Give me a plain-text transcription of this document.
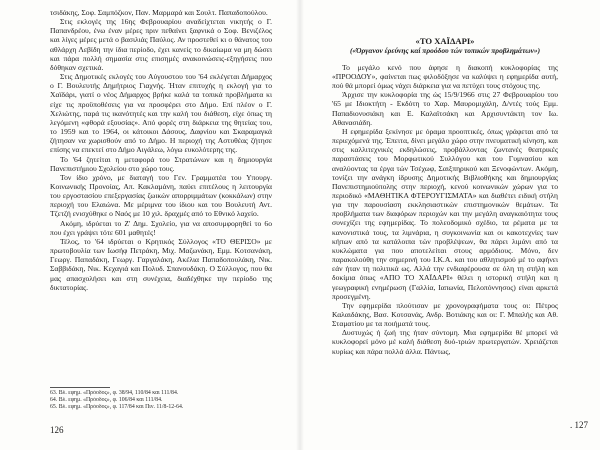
τσιδάκης, Σοφ. Σαμπόζκον, Παν. Μαρμαρά και Σουλτ. Παπαδοπούλου.

Στις εκλογές της 16ης Φεβρουαρίου αναδείχτεται νικητής ο Γ. Παπανδρέου, ένω έναν μέρες πριν πεθαίνει ξαφνικά ο Σοφ. Βενιζέλος και λίγες μέρες μετά ο βασιλιάς Παύλος. Αν προστεθεί κι ο θάνατος του αθλάρχη Λεβίδη την ίδια περίοδο, έχει κανείς το δικαίωμα να μη δώσει και πάρα πολλή σημασία στις επισημές ανακοινώσεις-εξηγήσεις που δόθηκαν σχετικά.

Στις Δημοτικές εκλογές του Αύγουστου του '64 εκλέγεται Δήμαρχος ο Γ. Βουλευτής Δημήτριος Γιαχνής. Ήταν επιτυχής η εκλογή για το Χαϊδάρι, γιατί ο νέος Δήμαρχος βρήκε καλά τα τοπικά προβλήματα κι είχε τις προϋποθέσεις για να προσφέρει στο Δήμο. Επί πλέον ο Γ. Χελιώτης, παρά τις ικανότητές και την καλή του διάθεση, είχε όπως τη λεγόμενη «φθορά εξουσίας». Από φορές στη διάρκεια της θητείας του, το 1959 και το 1964, οι κάτοικοι Δάσους, Δαφνίου και Σκαραμαγκά ζήτησαν να χωρισθούν από το Δήμο. Η περιοχή της Αστυθέας ζήτησε επίσης να επεκτεί στο Δήμο Αιγάλεω, λόγω ευκολότερης της.

Το '64 ζητείται η μεταφορά του Στρατώνων και η δημιουργία Πανεπιστήμιου Σχολείου στο χώρο τους.

Τον ίδιο χρόνο, με διαταγή του Γεν. Γραμματέα του Υπουργ. Κοινωνικής Προνοίας, Απ. Κακλαμάνη, παύει επιτέλους η λειτουργία του εργοστασίου επεξεργασίας ζωικών απορριμμάτων (κοκκάλων) στην περιοχή του Ελαιώνα. Με μέριμνα του ίδιου και του Βουλευτή Αντ. Τζετζή ενισχύθηκε ο Ναός με 10 χιλ. δραχμές από το Εθνικό λαχείο.

Ακόμη, ιδρύεται το Ζ' Δημ. Σχολείο, για να αποσυμφορηθεί το 6ο που έχει γράψει τότε 601 μαθητές!

Τέλος, το '64 ιδρύεται ο Κρητικός Σύλλογος «ΤΟ ΘΕΡΙΣΟ» με πρωτοβουλία των Ιωσήφ Πετράκη, Μιχ. Μαζωνάκη, Εμμ. Κοτσανάκη, Γεωργ. Παπαδάκη, Γεωργ. Γαργαλάκη, Ακέλια Παπαδοπουλάκη, Νικ. Σαββιδάκη, Νικ. Κεχαγιά και Πολυδ. Σπανουδάκη. Ο Σύλλογος, που θα μας απασχολήσει και στη συνέχεια, διαδέχθηκε την περίοδο της δικτατορίας.

63. Βλ. εφημ. «Πρόοδος», φ. 38/94, 110/84 και 111/84.
64. Βλ. εφημ. «Πρόοδος», φ. 106/84 και 111/84.
65. Βλ. εφημ. «Πρόοδος», φ. 117/84 και Πιν. 11/8-12-64.
126
«ΤΟ ΧΑΪΔΑΡΙ»
(«Όργανον έρεύνης καί προόδου τών τοπικών προβλημάτων»)

Το μεγάλο κενό που άφησε η διακοπή κυκλοφορίας της «ΠΡΟΟΔΟΥ», φαίνεται πως φιλοδόξησε να καλύψει η εφημερίδα αυτή, πού θά μπορεί όμως νάχει διάρκεια για να πετύχει τους στόχους της.

Άρχισε την κυκλοφορία της ώς 15/9/1966 στις 27 Φεβρουαρίου του '65 με Ιδιοκτήτη - Εκδότη το Χαρ. Μαυρομιχάλη, Δ/ντές τούς Εμμ. Παπαδιονυσιάκη και Ε. Καλαϊτσάκη και Αρχισυντάκτη τον Ιω. Αθανασιάδη.

Η εφημερίδα ξεκίνησε με όραμα προοπτικές, όπως γράφεται από τα περιεχόμενά της. Έπειτα, δίνει μεγάλο χώρο στην πνευματική κίνηση, και στις καλλιτεχνικές εκδηλώσεις, προβάλλοντας ζωντανές θεατρικές παραστάσεις του Μορφωτικού Συλλόγου και του Γυμνασίου και αναλύοντας τα έργα τών Τσέχωφ, Σαιξπηρικού και Ξενοφώντων. Ακόμη, τονίζει την ανάγκη ίδρυσης Δημοτικής Βιβλιοθήκης και δημιουργίας Πανεπιστημιούπολης στην περιοχή, κενού κοινωνικών χώρων για το περιοδικό «ΜΑΘΗΤΙΚΑ ΦΤΕΡΟΥΓΙΣΜΑΤΑ» και διαθέτει ειδική στήλη για την παρουσίαση εκκλησιαστικών επιστημονικών θεμάτων. Τα προβλήματα των διαφόρων περιοχών και την μεγάλη αναγκαιότητα τους συνεχίζει της εφημερίδας. Το πολεοδομικό σχέδιο, τα ρέματα με τα κανονιστικά τους, τα λιμνάρια, η συγκοινωνία και οι κακοτεχνίες των κήπων από τα κατάλοιπα τών προβλέψεων, θα πάρει λιμάνι από τα κυκλώματα για που αποτελείται στους αρμόδιους. Μόνο, δεν παρακολούθη την σημερινή του Ι.Κ.Α. και του αθλητισμού μέ το αφήνει εάν ήταν τη πολιτικά ως. Αλλά την ενδιαφέρουσα σε όλη τη στήλη και δοκίμια όπως «ΑΠΟ ΤΟ ΧΑΪΔΑΡΙ» θέλει η ιστορική στήλη και η γεωγραφική ενημέρωση (Γαλλία, Ιαπωνία, Πελοπόννησος) είναι αρκετά προσεγμένη.

Την εφημερίδα πλούτισαν με χρονογραφήματα τους οι: Πέτρος Καλαιδάκης, Βασ. Κοτσανάς, Ανδρ. Βοτιάκης και οι: Γ. Μπαλής και Αθ. Σταματίου με τα ποιήματά τους.

Δυστυχώς ή ζωή της ήταν σύντομη. Μια εφημερίδα θέ μπορεί νά κυκλοφορεί μόνο μέ καλή διάθεση δυό-τριών πρωτεργατών. Χρειάζεται κυρίως και πάρα πολλά άλλα. Πάντως,

. 127
